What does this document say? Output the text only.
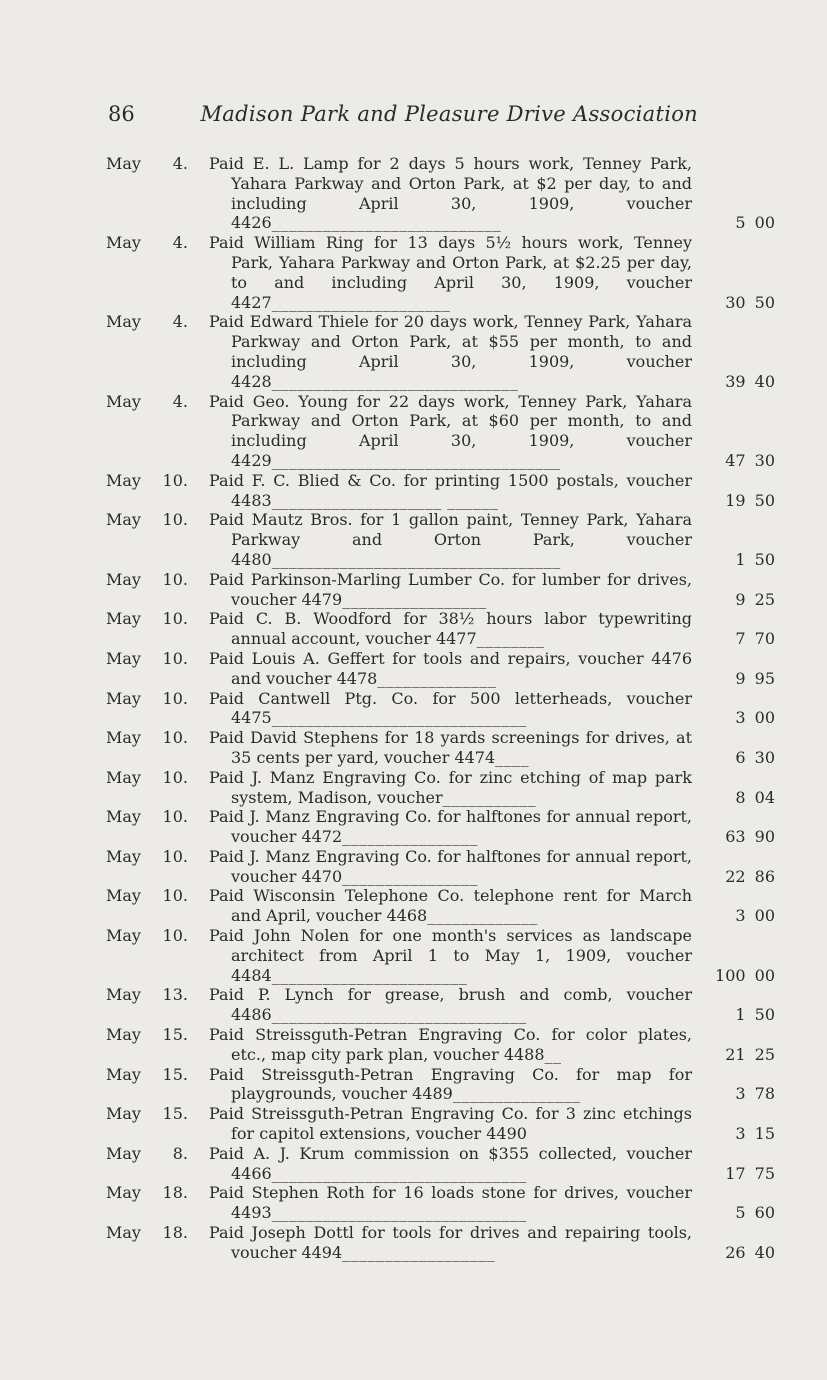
86	Madison Park and Pleasure Drive Association
May	4. Paid E. L. Lamp for 2 days 5 hours work, Tenney Park, Yahara Parkway and Orton Park, at $2 per day, to and including April 30, 1909, voucher 4426___________________________	5 00
May	4. Paid William Ring for 13 days 5½ hours work, Tenney Park, Yahara Parkway and Orton Park, at $2.25 per day, to and including April 30, 1909, voucher 4427_____________________	30 50
May	4. Paid Edward Thiele for 20 days work, Tenney Park, Yahara Parkway and Orton Park, at $55 per month, to and including April 30, 1909, voucher 4428_____________________________	39 40
May	4. Paid Geo. Young for 22 days work, Tenney Park, Yahara Parkway and Orton Park, at $60 per month, to and including April 30, 1909, voucher 4429__________________________________	47 30
May	10. Paid F. C. Blied & Co. for printing 1500 postals, voucher 4483____________________ ______	19 50
May	10. Paid Mautz Bros. for 1 gallon paint, Tenney Park, Yahara Parkway and Orton Park, voucher 4480__________________________________	1 50
May	10. Paid Parkinson-Marling Lumber Co. for lumber for drives, voucher 4479_________________	9 25
May	10. Paid C. B. Woodford for 38½ hours labor typewriting annual account, voucher 4477________	7 70
May	10. Paid Louis A. Geffert for tools and repairs, voucher 4476 and voucher 4478______________	9 95
May	10. Paid Cantwell Ptg. Co. for 500 letterheads, voucher 4475______________________________	3 00
May	10. Paid David Stephens for 18 yards screenings for drives, at 35 cents per yard, voucher 4474____	6 30
May	10. Paid J. Manz Engraving Co. for zinc etching of map park system, Madison, voucher___________	8 04
May	10. Paid J. Manz Engraving Co. for halftones for annual report, voucher 4472________________	63 90
May	10. Paid J. Manz Engraving Co. for halftones for annual report, voucher 4470________________	22 86
May	10. Paid Wisconsin Telephone Co. telephone rent for March and April, voucher 4468_____________	3 00
May	10. Paid John Nolen for one month's services as landscape architect from April 1 to May 1, 1909, voucher 4484_______________________	100 00
May	13. Paid P. Lynch for grease, brush and comb, voucher 4486______________________________	1 50
May	15. Paid Streissguth-Petran Engraving Co. for color plates, etc., map city park plan, voucher 4488__	21 25
May	15. Paid Streissguth-Petran Engraving Co. for map for playgrounds, voucher 4489_______________	3 78
May	15. Paid Streissguth-Petran Engraving Co. for 3 zinc etchings for capitol extensions, voucher 4490	3 15
May	8. Paid A. J. Krum commission on $355 collected, voucher 4466______________________________	17 75
May	18. Paid Stephen Roth for 16 loads stone for drives, voucher 4493______________________________	5 60
May	18. Paid Joseph Dottl for tools for drives and repairing tools, voucher 4494__________________	26 40
